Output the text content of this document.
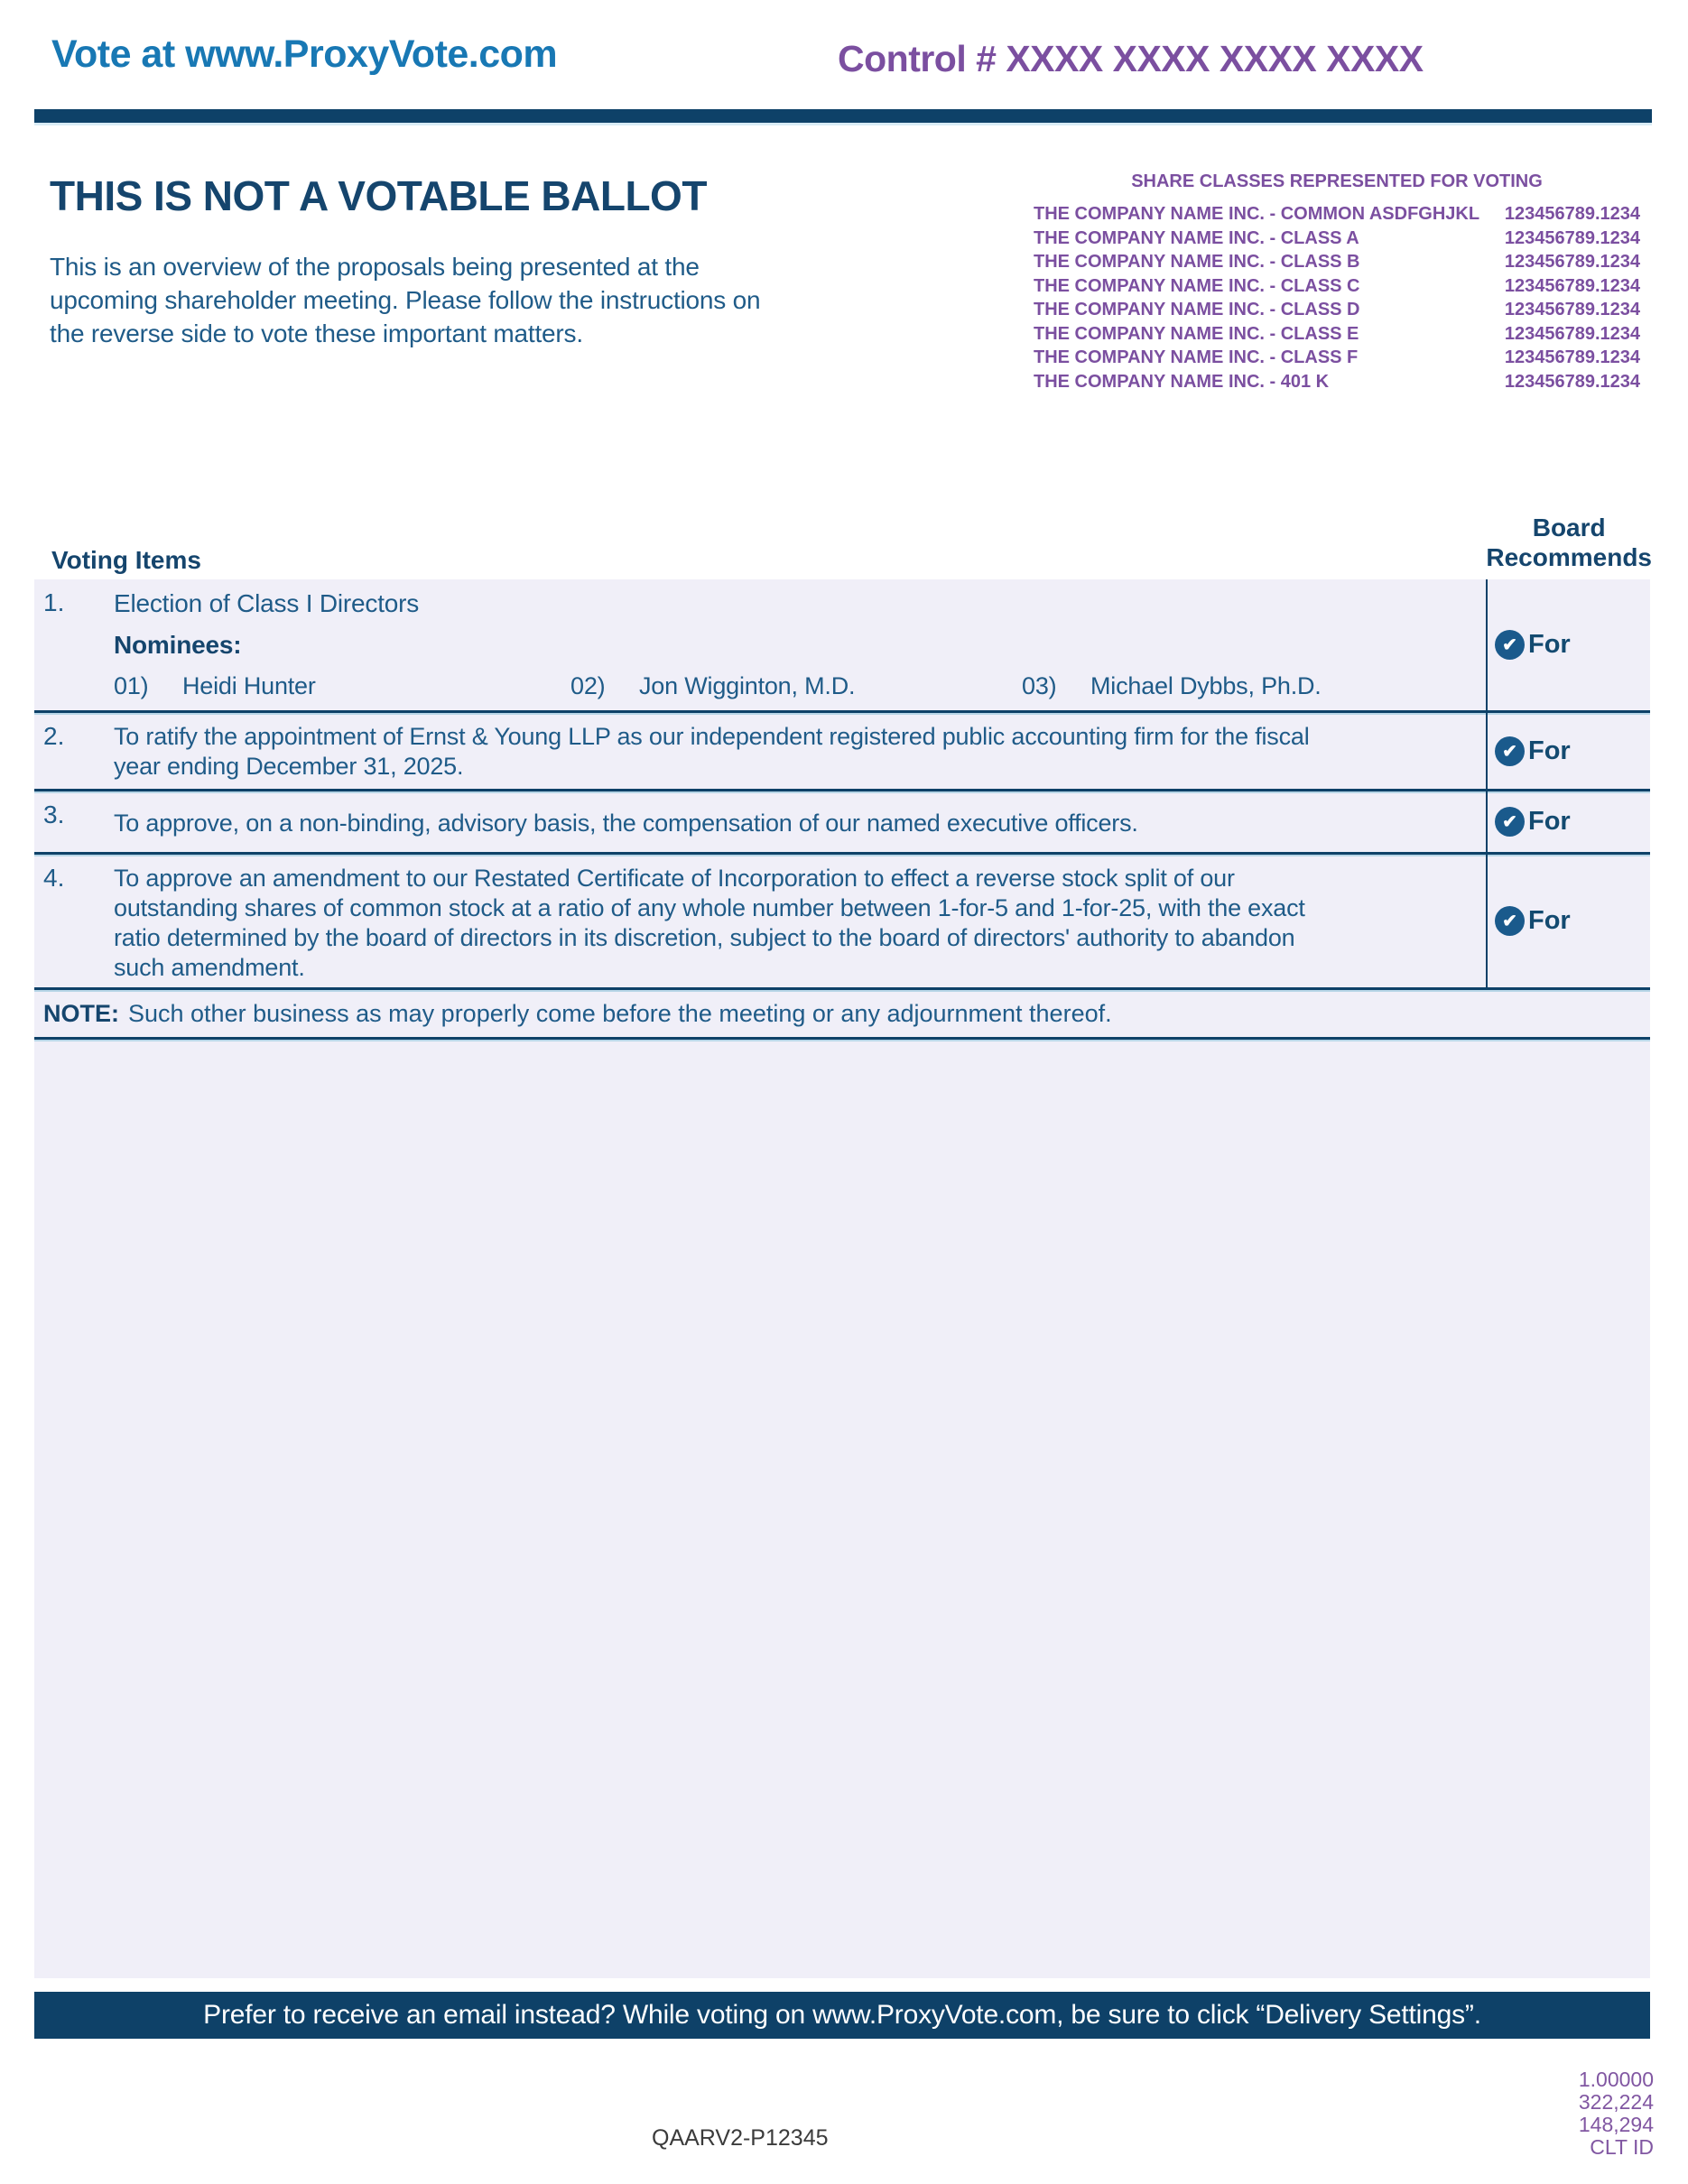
Vote at www.ProxyVote.com	Control # XXXX XXXX XXXX XXXX
THIS IS NOT A VOTABLE BALLOT
This is an overview of the proposals being presented at the
upcoming shareholder meeting. Please follow the instructions on
the reverse side to vote these important matters.
SHARE CLASSES REPRESENTED FOR VOTING
THE COMPANY NAME INC. - COMMON ASDFGHJKL 123456789.1234
THE COMPANY NAME INC. - CLASS A	123456789.1234
THE COMPANY NAME INC. - CLASS B	123456789.1234
THE COMPANY NAME INC. - CLASS C	123456789.1234
THE COMPANY NAME INC. - CLASS D	123456789.1234
THE COMPANY NAME INC. - CLASS E	123456789.1234
THE COMPANY NAME INC. - CLASS F	123456789.1234
THE COMPANY NAME INC. - 401 K	123456789.1234
Voting Items
Board
Recommends
1.	Election of Class I Directors
Nominees:
01) Heidi Hunter	02) Jon Wigginton, M.D.	03) Michael Dybbs, Ph.D.
✔ For
2.	To ratify the appointment of Ernst & Young LLP as our independent registered public accounting firm for the fiscal
year ending December 31, 2025.
✔ For
3.	To approve, on a non-binding, advisory basis, the compensation of our named executive officers.	✔ For
4.	To approve an amendment to our Restated Certificate of Incorporation to effect a reverse stock split of our
outstanding shares of common stock at a ratio of any whole number between 1-for-5 and 1-for-25, with the exact
ratio determined by the board of directors in its discretion, subject to the board of directors' authority to abandon
such amendment.
✔ For
NOTE: Such other business as may properly come before the meeting or any adjournment thereof.
Prefer to receive an email instead? While voting on www.ProxyVote.com, be sure to click “Delivery Settings”.
1.00000
322,224
148,294
CLT ID
QAARV2-P12345
